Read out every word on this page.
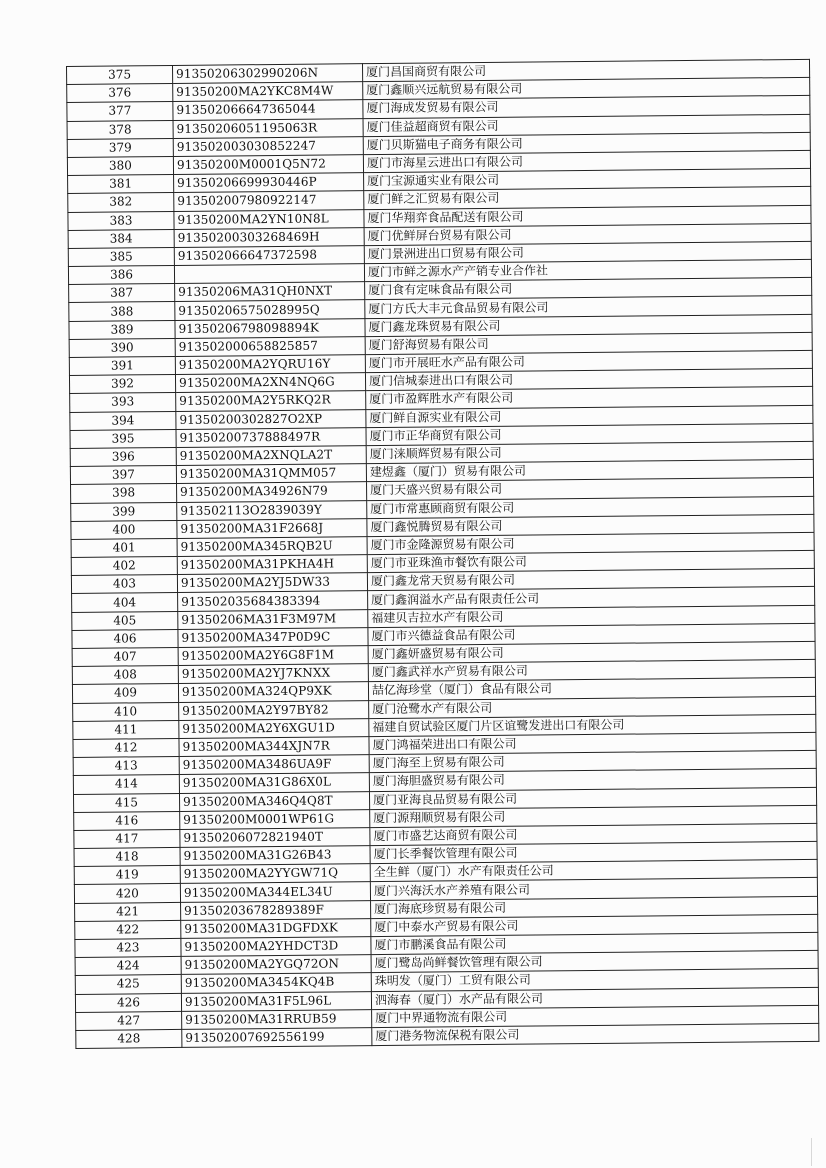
375	91350206302990206N	厦门昌国商贸有限公司
376	91350200MA2YKC8M4W	厦门鑫顺兴远航贸易有限公司
377	913502066647365044	厦门海成发贸易有限公司
378	91350206051195063R	厦门佳益超商贸有限公司
379	913502003030852247	厦门贝斯猫电子商务有限公司
380	91350200M0001Q5N72	厦门市海星云进出口有限公司
381	91350206699930446P	厦门宝源通实业有限公司
382	913502007980922147	厦门鲜之汇贸易有限公司
383	91350200MA2YN10N8L	厦门华翔弈食品配送有限公司
384	91350200303268469H	厦门优鲜屏台贸易有限公司
385	913502066647372598	厦门景洲进出口贸易有限公司
386		厦门市鲜之源水产产销专业合作社
387	91350206MA31QH0NXT	厦门食有定味食品有限公司
388	91350206575028995Q	厦门方氏大丰元食品贸易有限公司
389	91350206798098894K	厦门鑫龙珠贸易有限公司
390	913502000658825857	厦门舒海贸易有限公司
391	91350200MA2YQRU16Y	厦门市开展旺水产品有限公司
392	91350200MA2XN4NQ6G	厦门信城泰进出口有限公司
393	91350200MA2Y5RKQ2R	厦门市盈辉胜水产有限公司
394	91350200302827O2XP	厦门鲜自源实业有限公司
395	91350200737888497R	厦门市正华商贸有限公司
396	91350200MA2XNQLA2T	厦门涞顺辉贸易有限公司
397	91350200MA31QMM057	建煜鑫（厦门）贸易有限公司
398	91350200MA34926N79	厦门天盛兴贸易有限公司
399	913502113O2839039Y	厦门市常惠顾商贸有限公司
400	91350200MA31F2668J	厦门鑫悦腾贸易有限公司
401	91350200MA345RQB2U	厦门市金隆源贸易有限公司
402	91350200MA31PKHA4H	厦门市亚珠渔市餐饮有限公司
403	91350200MA2YJ5DW33	厦门鑫龙常天贸易有限公司
404	913502035684383394	厦门鑫润溢水产品有限责任公司
405	91350206MA31F3M97M	福建贝吉拉水产有限公司
406	91350200MA347P0D9C	厦门市兴德益食品有限公司
407	91350200MA2Y6G8F1M	厦门鑫妍盛贸易有限公司
408	91350200MA2YJ7KNXX	厦门鑫武祥水产贸易有限公司
409	91350200MA324QP9XK	喆亿海珍堂（厦门）食品有限公司
410	91350200MA2Y97BY82	厦门沧鹭水产有限公司
411	91350200MA2Y6XGU1D	福建自贸试验区厦门片区谊鹭发进出口有限公司
412	91350200MA344XJN7R	厦门鸿福荣进出口有限公司
413	91350200MA3486UA9F	厦门海至上贸易有限公司
414	91350200MA31G86X0L	厦门海胆盛贸易有限公司
415	91350200MA346Q4Q8T	厦门亚海良品贸易有限公司
416	91350200M0001WP61G	厦门源翔顺贸易有限公司
417	91350206072821940T	厦门市盛艺达商贸有限公司
418	91350200MA31G26B43	厦门长季餐饮管理有限公司
419	91350200MA2YYGW71Q	全生鲜（厦门）水产有限责任公司
420	91350200MA344EL34U	厦门兴海沃水产养殖有限公司
421	913502036782893​89F	厦门海底珍贸易有限公司
422	91350200MA31DGFDXK	厦门中泰水产贸易有限公司
423	91350200MA2YHDCT3D	厦门市鹏溪食品有限公司
424	91350200MA2YGQ72ON	厦门鹭岛尚鲜餐饮管理有限公司
425	91350200MA3454KQ4B	珠明发（厦门）工贸有限公司
426	91350200MA31F5L96L	泗海春（厦门）水产品有限公司
427	91350200MA31RRUB59	厦门中界通物流有限公司
428	913502007692556199	厦门港务物流保税有限公司
